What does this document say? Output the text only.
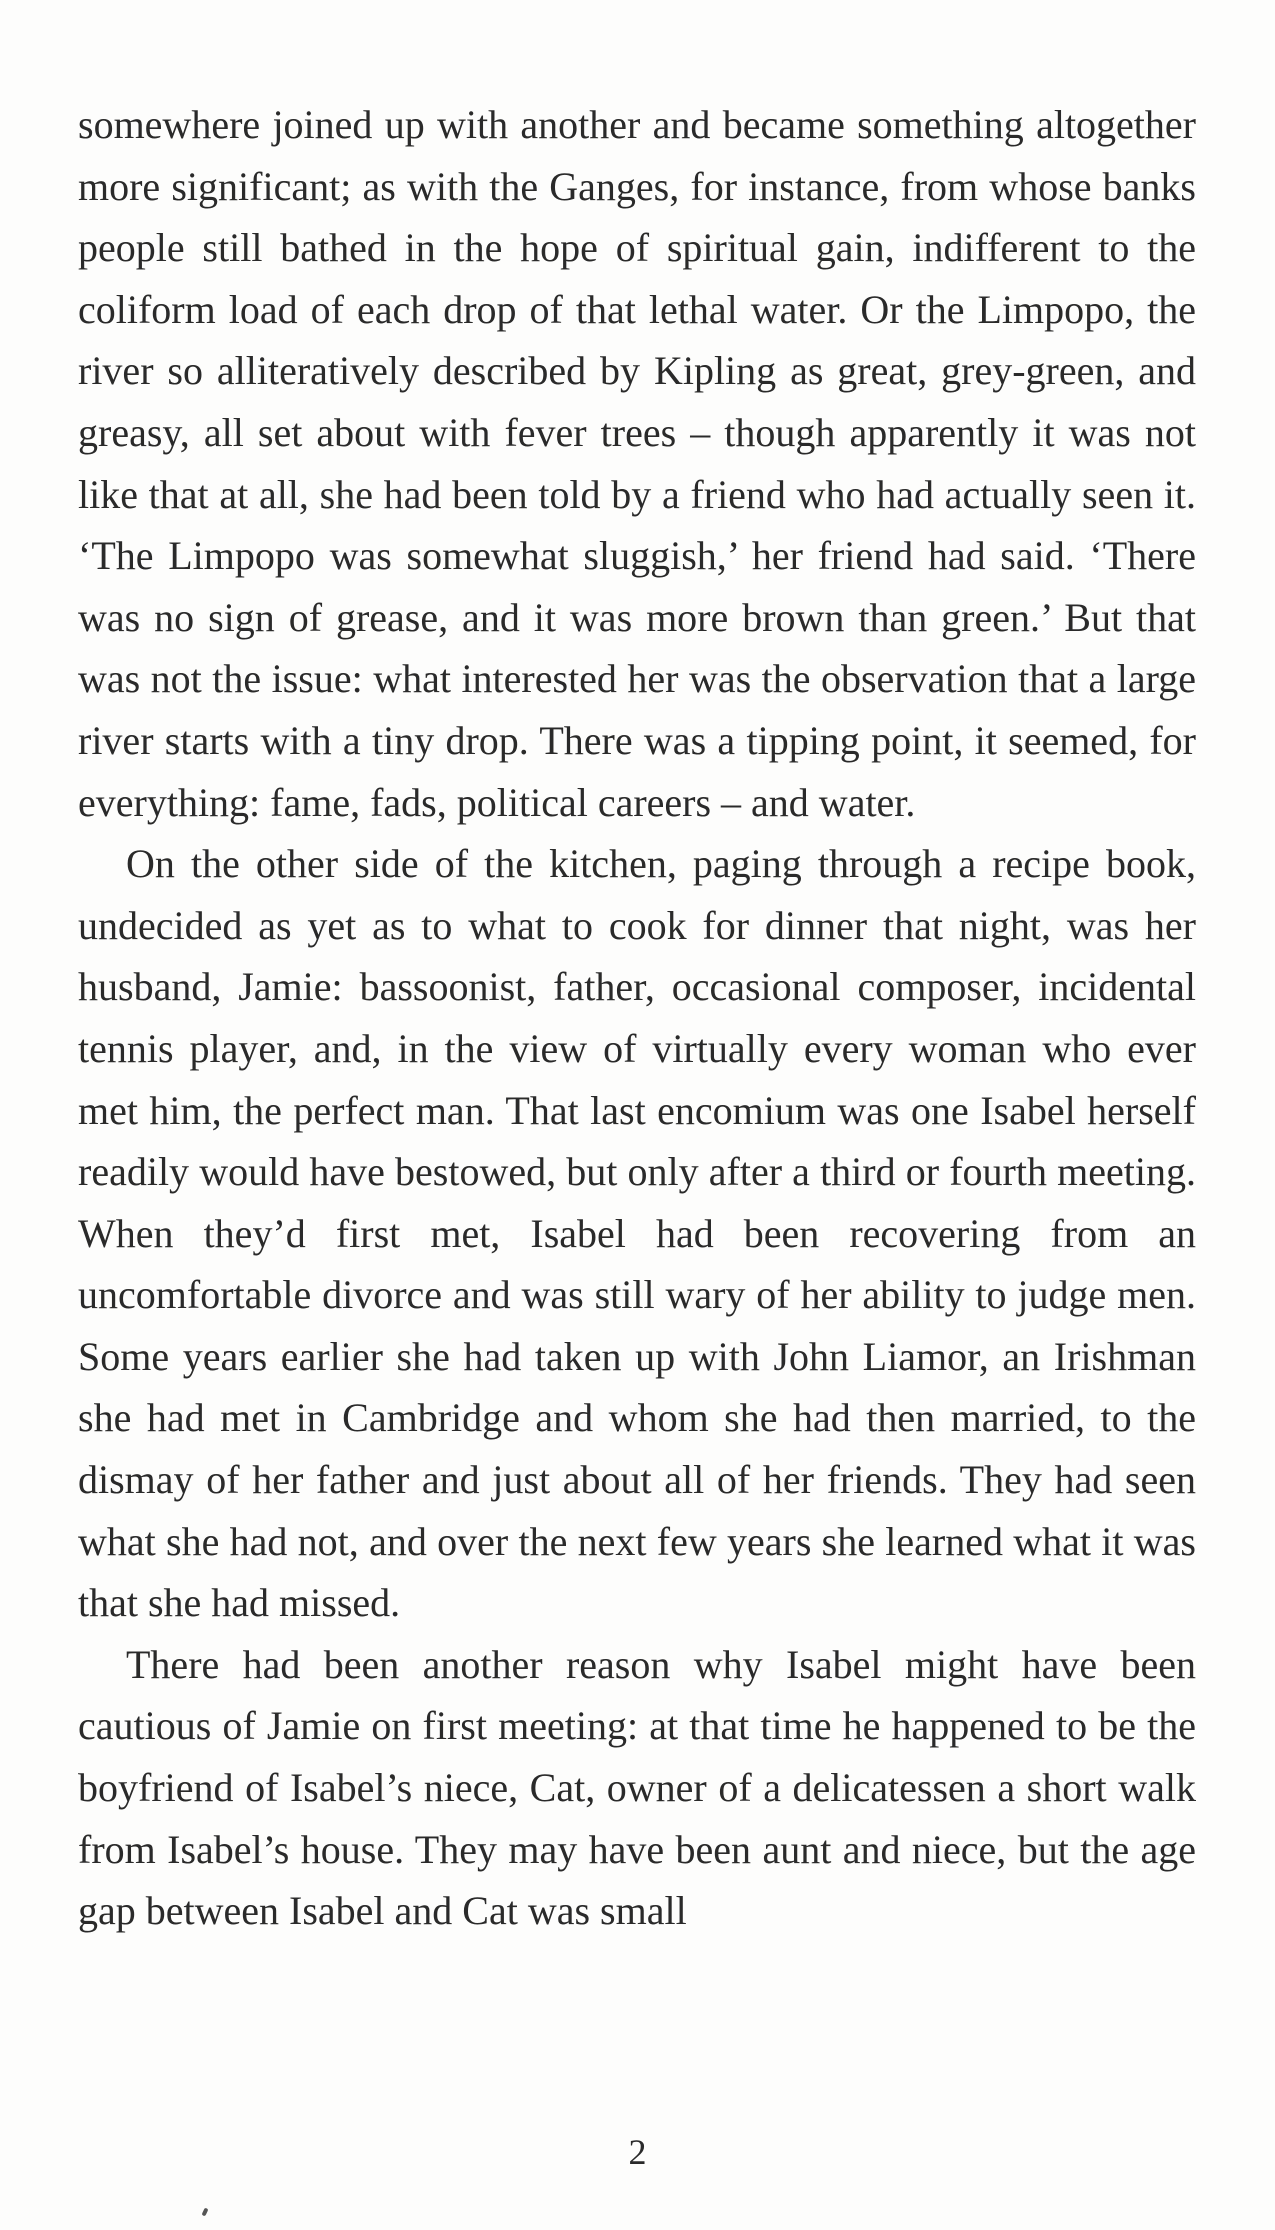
somewhere joined up with another and became something altogether more significant; as with the Ganges, for instance, from whose banks people still bathed in the hope of spiritual gain, indifferent to the coliform load of each drop of that lethal water. Or the Limpopo, the river so alliteratively described by Kipling as great, grey-green, and greasy, all set about with fever trees – though apparently it was not like that at all, she had been told by a friend who had actually seen it. ‘The Limpopo was somewhat sluggish,’ her friend had said. ‘There was no sign of grease, and it was more brown than green.’ But that was not the issue: what interested her was the observation that a large river starts with a tiny drop. There was a tipping point, it seemed, for everything: fame, fads, political careers – and water.

On the other side of the kitchen, paging through a recipe book, undecided as yet as to what to cook for dinner that night, was her husband, Jamie: bassoonist, father, occasional composer, incidental tennis player, and, in the view of virtually every woman who ever met him, the perfect man. That last encomium was one Isabel herself readily would have bestowed, but only after a third or fourth meeting. When they’d first met, Isabel had been recovering from an uncomfortable divorce and was still wary of her ability to judge men. Some years earlier she had taken up with John Liamor, an Irishman she had met in Cambridge and whom she had then married, to the dismay of her father and just about all of her friends. They had seen what she had not, and over the next few years she learned what it was that she had missed.

There had been another reason why Isabel might have been cautious of Jamie on first meeting: at that time he happened to be the boyfriend of Isabel’s niece, Cat, owner of a delicatessen a short walk from Isabel’s house. They may have been aunt and niece, but the age gap between Isabel and Cat was small

2
